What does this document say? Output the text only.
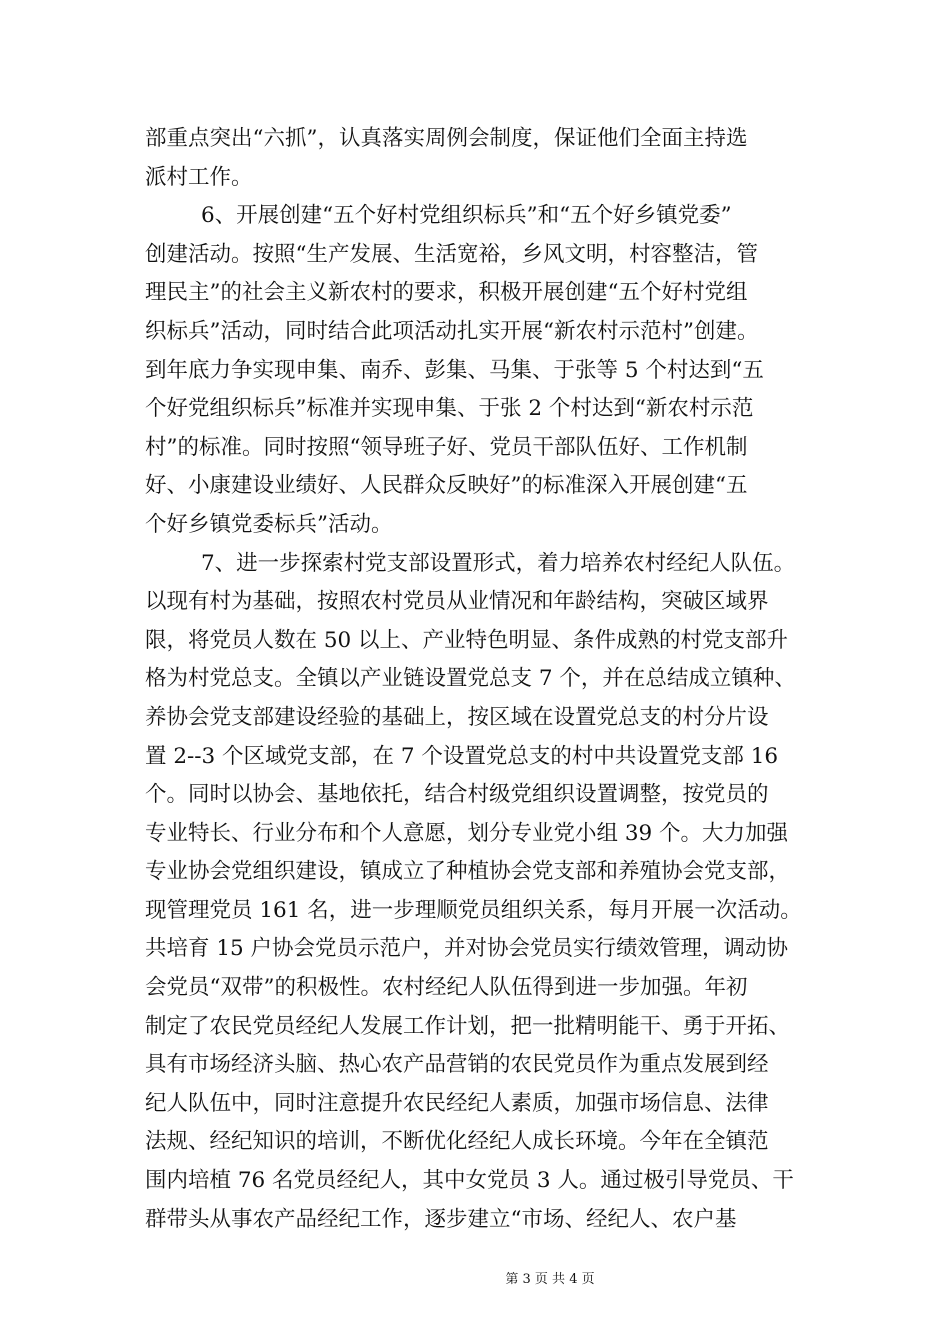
部重点突出“六抓”，认真落实周例会制度，保证他们全面主持选
派村工作。
6、开展创建“五个好村党组织标兵”和“五个好乡镇党委”
创建活动。按照“生产发展、生活宽裕，乡风文明，村容整洁，管
理民主”的社会主义新农村的要求，积极开展创建“五个好村党组
织标兵”活动，同时结合此项活动扎实开展“新农村示范村”创建。
到年底力争实现申集、南乔、彭集、马集、于张等 5 个村达到“五
个好党组织标兵”标准并实现申集、于张 2 个村达到“新农村示范
村”的标准。同时按照“领导班子好、党员干部队伍好、工作机制
好、小康建设业绩好、人民群众反映好”的标准深入开展创建“五
个好乡镇党委标兵”活动。
7、进一步探索村党支部设置形式，着力培养农村经纪人队伍。
以现有村为基础，按照农村党员从业情况和年龄结构，突破区域界
限，将党员人数在 50 以上、产业特色明显、条件成熟的村党支部升
格为村党总支。全镇以产业链设置党总支 7 个，并在总结成立镇种、
养协会党支部建设经验的基础上，按区域在设置党总支的村分片设
置 2--3 个区域党支部，在 7 个设置党总支的村中共设置党支部 16
个。同时以协会、基地依托，结合村级党组织设置调整，按党员的
专业特长、行业分布和个人意愿，划分专业党小组 39 个。大力加强
专业协会党组织建设，镇成立了种植协会党支部和养殖协会党支部，
现管理党员 161 名，进一步理顺党员组织关系，每月开展一次活动。
共培育 15 户协会党员示范户，并对协会党员实行绩效管理，调动协
会党员“双带”的积极性。农村经纪人队伍得到进一步加强。年初
制定了农民党员经纪人发展工作计划，把一批精明能干、勇于开拓、
具有市场经济头脑、热心农产品营销的农民党员作为重点发展到经
纪人队伍中，同时注意提升农民经纪人素质，加强市场信息、法律
法规、经纪知识的培训，不断优化经纪人成长环境。今年在全镇范
围内培植 76 名党员经纪人，其中女党员 3 人。通过极引导党员、干
群带头从事农产品经纪工作，逐步建立“市场、经纪人、农户基
第 3 页 共 4 页
